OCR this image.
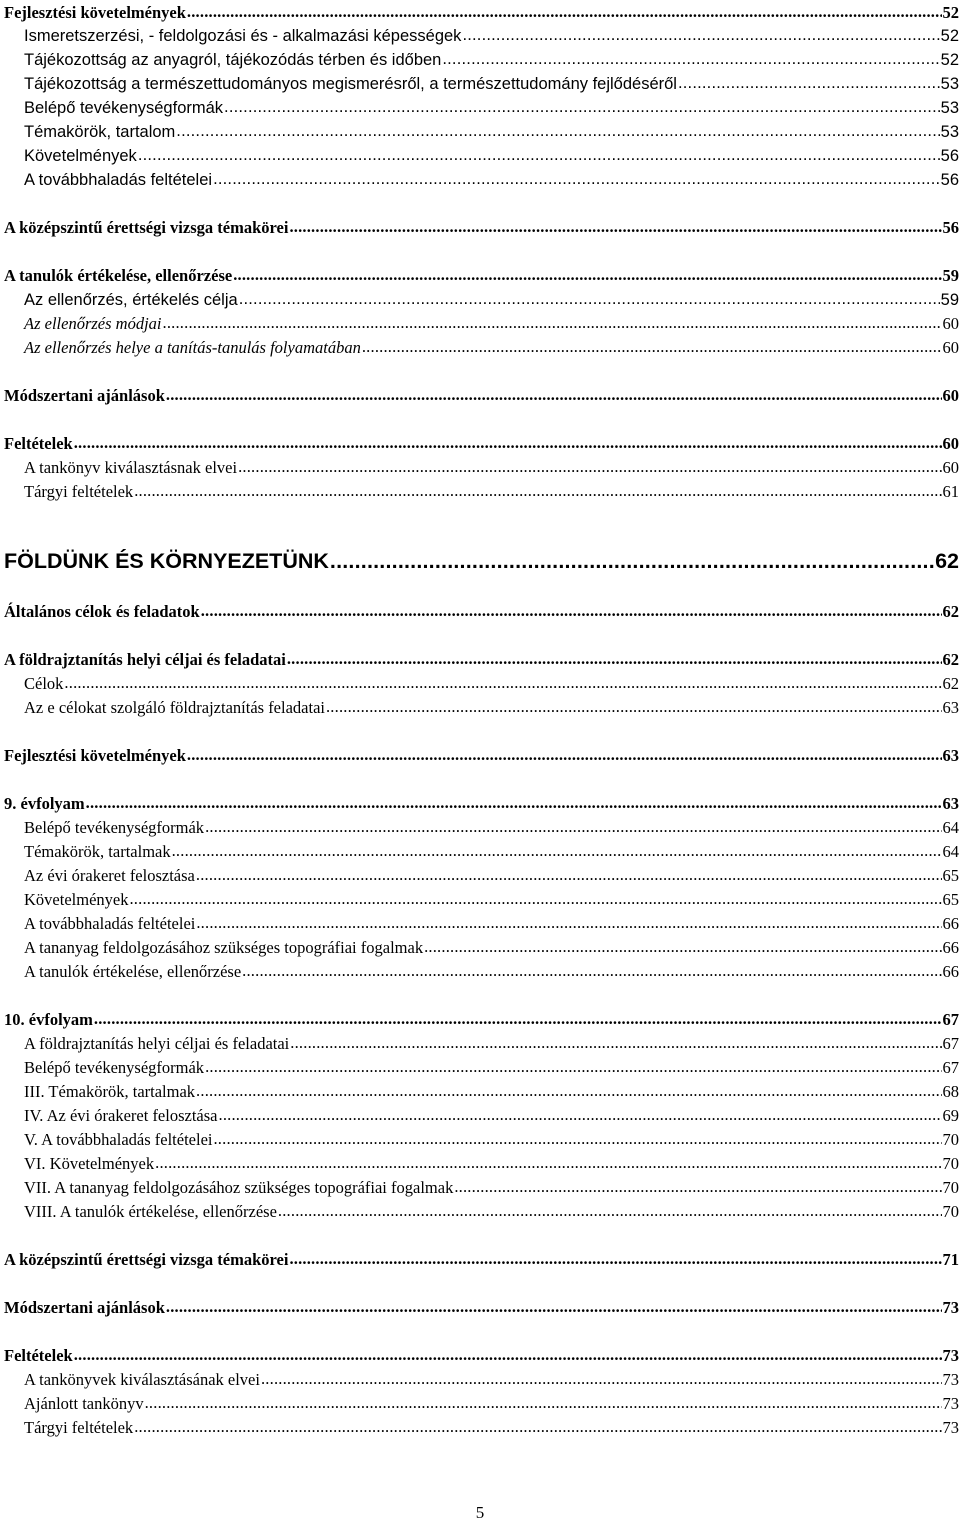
Fejlesztési követelmények .....	52
Ismeretszerzési, - feldolgozási és - alkalmazási képességek .....	52
Tájékozottság az anyagról, tájékozódás térben és időben .....	52
Tájékozottság a természettudományos megismerésről, a természettudomány fejlődéséről .....	53
Belépő tevékenységformák .....	53
Témakörök, tartalom .....	53
Követelmények .....	56
A továbbhaladás feltételei .....	56
A középszintű érettségi vizsga témakörei .....	56
A tanulók értékelése, ellenőrzése .....	59
Az ellenőrzés, értékelés célja .....	59
Az ellenőrzés módjai .....	60
Az ellenőrzés helye a tanítás-tanulás folyamatában .....	60
Módszertani ajánlások .....	60
Feltételek .....	60
A tankönyv kiválasztásnak elvei .....	60
Tárgyi feltételek .....	61
FÖLDÜNK ÉS KÖRNYEZETÜNK .....	62
Általános célok és feladatok .....	62
A földrajztanítás helyi céljai és feladatai .....	62
Célok .....	62
Az e célokat szolgáló földrajztanítás feladatai .....	63
Fejlesztési követelmények .....	63
9. évfolyam .....	63
Belépő tevékenységformák .....	64
Témakörök, tartalmak .....	64
Az évi órakeret felosztása .....	65
Követelmények .....	65
A továbbhaladás feltételei .....	66
A tananyag feldolgozásához szükséges topográfiai fogalmak .....	66
A tanulók értékelése, ellenőrzése .....	66
10. évfolyam .....	67
A földrajztanítás helyi céljai és feladatai .....	67
Belépő tevékenységformák .....	67
III. Témakörök, tartalmak .....	68
IV. Az évi órakeret felosztása .....	69
V. A továbbhaladás feltételei .....	70
VI. Követelmények .....	70
VII. A tananyag feldolgozásához szükséges topográfiai fogalmak .....	70
VIII. A tanulók értékelése, ellenőrzése .....	70
A középszintű érettségi vizsga témakörei .....	71
Módszertani ajánlások .....	73
Feltételek .....	73
A tankönyvek kiválasztásának elvei .....	73
Ajánlott tankönyv .....	73
Tárgyi feltételek .....	73
5
